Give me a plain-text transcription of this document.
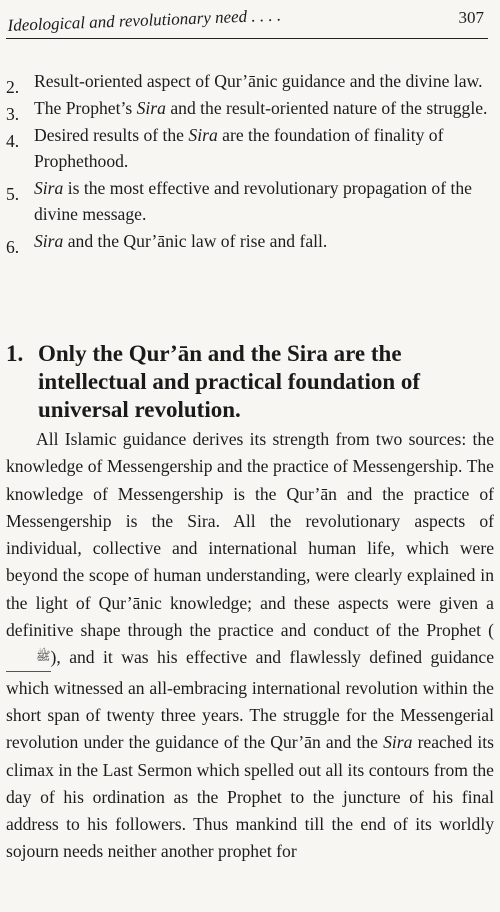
Ideological and revolutionary need . . . .	307
2. Result-oriented aspect of Qur’ānic guidance and the divine law.
3. The Prophet’s Sira and the result-oriented nature of the struggle.
4. Desired results of the Sira are the foundation of finality of Prophethood.
5. Sira is the most effective and revolutionary propagation of the divine message.
6. Sira and the Qur’ānic law of rise and fall.
1. Only the Qur’ān and the Sira are the intellectual and practical foundation of universal revolution.

All Islamic guidance derives its strength from two sources: the knowledge of Messengership and the practice of Messengership. The knowledge of Messengership is the Qur’ān and the practice of Messengership is the Sira. All the revolutionary aspects of individual, collective and international human life, which were beyond the scope of human understanding, were clearly explained in the light of Qur’ānic knowledge; and these aspects were given a definitive shape through the practice and conduct of the Prophet (ﷺ), and it was his effective and flawlessly defined guidance which witnessed an all-embracing international revolution within the short span of twenty three years. The struggle for the Messengerial revolution under the guidance of the Qur’ān and the Sira reached its climax in the Last Sermon which spelled out all its contours from the day of his ordination as the Prophet to the juncture of his final address to his followers. Thus mankind till the end of its worldly sojourn needs neither another prophet for
